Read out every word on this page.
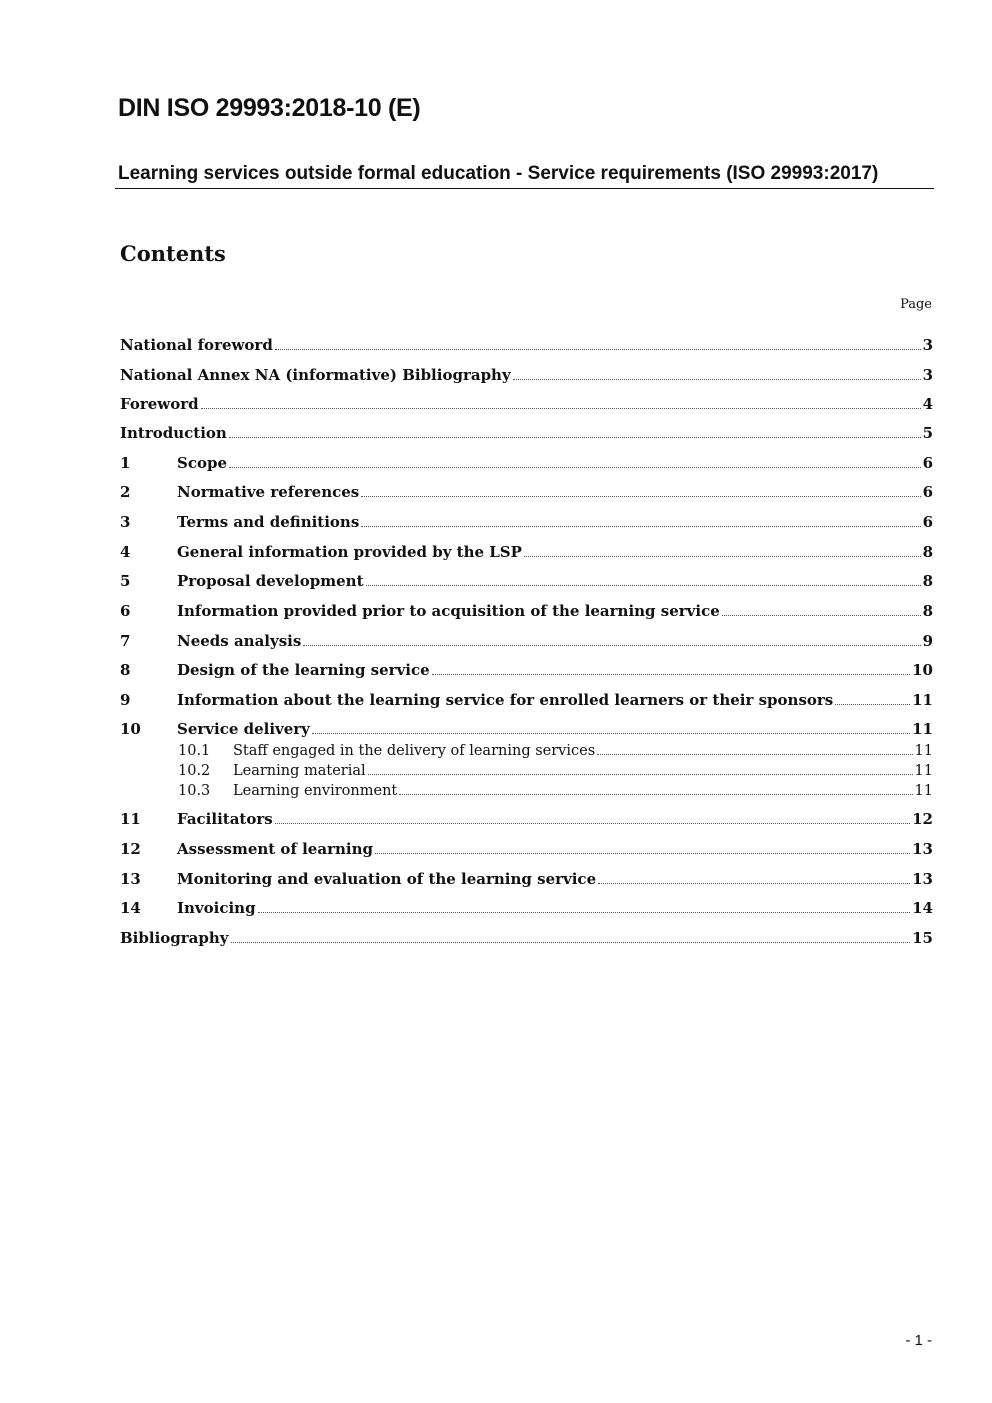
DIN ISO 29993:2018-10 (E)
Learning services outside formal education - Service requirements (ISO 29993:2017)
Contents
Page
National foreword	3
National Annex NA (informative) Bibliography	3
Foreword	4
Introduction	5
1	Scope	6
2	Normative references	6
3	Terms and definitions	6
4	General information provided by the LSP	8
5	Proposal development	8
6	Information provided prior to acquisition of the learning service	8
7	Needs analysis	9
8	Design of the learning service	10
9	Information about the learning service for enrolled learners or their sponsors	11
10	Service delivery	11
10.1	Staff engaged in the delivery of learning services	11
10.2	Learning material	11
10.3	Learning environment	11
11	Facilitators	12
12	Assessment of learning	13
13	Monitoring and evaluation of the learning service	13
14	Invoicing	14
Bibliography	15
- 1 -
